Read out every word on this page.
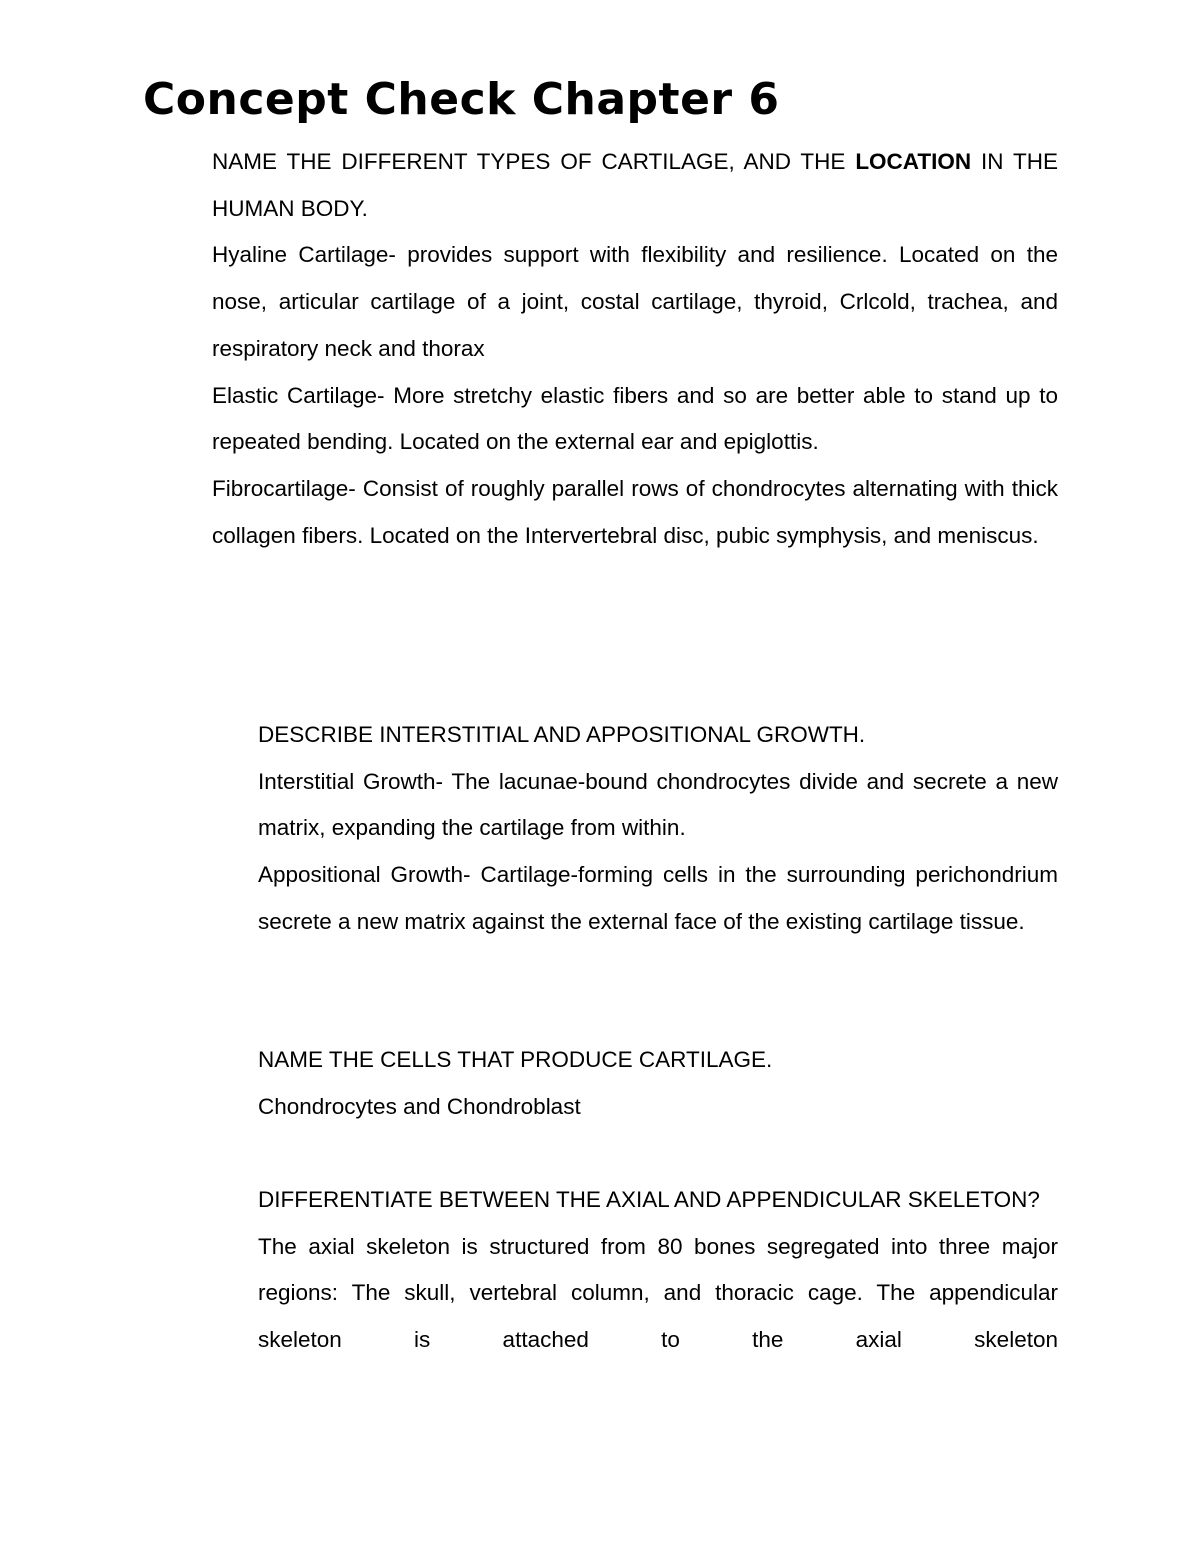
Concept Check Chapter 6

NAME THE DIFFERENT TYPES OF CARTILAGE, AND THE LOCATION IN THE HUMAN BODY.

Hyaline Cartilage- provides support with flexibility and resilience. Located on the nose, articular cartilage of a joint, costal cartilage, thyroid, Crlcold, trachea, and respiratory neck and thorax

Elastic Cartilage- More stretchy elastic fibers and so are better able to stand up to repeated bending. Located on the external ear and epiglottis.

Fibrocartilage- Consist of roughly parallel rows of chondrocytes alternating with thick collagen fibers. Located on the Intervertebral disc, pubic symphysis, and meniscus.

DESCRIBE INTERSTITIAL AND APPOSITIONAL GROWTH.

Interstitial Growth- The lacunae-bound chondrocytes divide and secrete a new matrix, expanding the cartilage from within.

Appositional Growth- Cartilage-forming cells in the surrounding perichondrium secrete a new matrix against the external face of the existing cartilage tissue.

NAME THE CELLS THAT PRODUCE CARTILAGE.

Chondrocytes and Chondroblast

DIFFERENTIATE BETWEEN THE AXIAL AND APPENDICULAR SKELETON?

The axial skeleton is structured from 80 bones segregated into three major regions: The skull, vertebral column, and thoracic cage. The appendicular skeleton is attached to the axial skeleton
